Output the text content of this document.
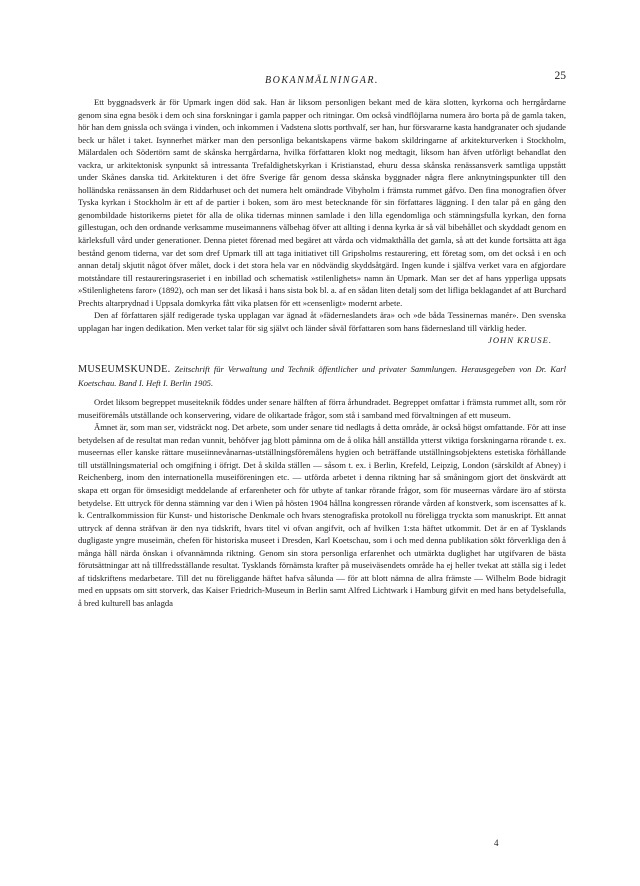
BOKANMÄLNINGAR.	25

Ett byggnadsverk är för Upmark ingen död sak. Han är liksom personligen bekant med de kära slotten, kyrkorna och herrgårdarne genom sina egna besök i dem och sina forskningar i gamla papper och ritningar. Om också vindflöjlarna numera äro borta på de gamla taken, hör han dem gnissla och svänga i vinden, och inkommen i Vadstena slotts porthvalf, ser han, hur försvararne kasta handgranater och sjudande beck ur hålet i taket. Isynnerhet märker man den personliga bekantskapens värme bakom skildringarne af arkitekturverken i Stockholm, Mälardalen och Södertörn samt de skånska herrgårdarna, hvilka författaren klokt nog medtagit, liksom han äfven utförligt behandlat den vackra, ur arkitektonisk synpunkt så intressanta Trefaldighetskyrkan i Kristianstad, ehuru dessa skånska renässansverk samtliga uppstått under Skånes danska tid. Arkitekturen i det öfre Sverige får genom dessa skånska byggnader några flere anknytningspunkter till den holländska renässansen än dem Riddarhuset och det numera helt omändrade Vibyholm i främsta rummet gåfvo. Den fina monografien öfver Tyska kyrkan i Stockholm är ett af de partier i boken, som äro mest betecknande för sin författares läggning. I den talar på en gång den genombildade historikerns pietet för alla de olika tidernas minnen samlade i den lilla egendomliga och stämningsfulla kyrkan, den forna gillestugan, och den ordnande verksamme museimannens välbehag öfver att allting i denna kyrka är så väl bibehållet och skyddadt genom en kärleksfull vård under generationer. Denna pietet förenad med begäret att vårda och vidmakthålla det gamla, så att det kunde fortsätta att äga bestånd genom tiderna, var det som dref Upmark till att taga initiativet till Gripsholms restaurering, ett företag som, om det också i en och annan detalj skjutit något öfver målet, dock i det stora hela var en nödvändig skyddsåtgärd. Ingen kunde i själfva verket vara en afgjordare motståndare till restaureringsraseriet i en inbillad och schematisk »stilenlighets» namn än Upmark. Man ser det af hans ypperliga uppsats »Stilenlighetens faror» (1892), och man ser det likaså i hans sista bok bl. a. af en sådan liten detalj som det lifliga beklagandet af att Burchard Prechts altarprydnad i Uppsala domkyrka fått vika platsen för ett »censenligt» modernt arbete.

Den af författaren själf redigerade tyska upplagan var ägnad åt »fäderneslandets ära» och »de båda Tessinernas manér». Den svenska upplagan har ingen dedikation. Men verket talar för sig självt och länder såväl författaren som hans fädernesland till värklig heder.

JOHN KRUSE.
MUSEUMSKUNDE. Zeitschrift für Verwaltung und Technik öffentlicher und privater Sammlungen. Herausgegeben von Dr. Karl Koetschau. Band I. Heft I. Berlin 1905.

Ordet liksom begreppet museiteknik föddes under senare hälften af förra århundradet. Begreppet omfattar i främsta rummet allt, som rör museiföremåls utställande och konservering, vidare de olikartade frågor, som stå i samband med förvaltningen af ett museum.

Ämnet är, som man ser, vidsträckt nog. Det arbete, som under senare tid nedlagts å detta område, är också högst omfattande. För att inse betydelsen af de resultat man redan vunnit, behöfver jag blott påminna om de å olika håll anställda ytterst viktiga forskningarna rörande t. ex. museernas eller kanske rättare museiinnevånarnas-utställningsföremålens hygien och beträffande utställningsobjektens estetiska förhållande till utställningsmaterial och omgifning i öfrigt. Det å skilda ställen — såsom t. ex. i Berlin, Krefeld, Leipzig, London (särskildt af Abney) i Reichenberg, inom den internationella museiföreningen etc. — utförda arbetet i denna riktning har så småningom gjort det önskvärdt att skapa ett organ för ömsesidigt meddelande af erfarenheter och för utbyte af tankar rörande frågor, som för museernas vårdare äro af största betydelse. Ett uttryck för denna stämning var den i Wien på hösten 1904 hållna kongressen rörande vården af konstverk, som iscensattes af k. k. Centralkommission für Kunst- und historische Denkmale och hvars stenografiska protokoll nu föreligga tryckta som manuskript. Ett annat uttryck af denna sträfvan är den nya tidskrift, hvars titel vi ofvan angifvit, och af hvilken 1:sta häftet utkommit. Det är en af Tysklands dugligaste yngre museimän, chefen för historiska museet i Dresden, Karl Koetschau, som i och med denna publikation sökt förverkliga den å många håll närda önskan i ofvannämnda riktning. Genom sin stora personliga erfarenhet och utmärkta duglighet har utgifvaren de bästa förutsättningar att nå tillfredsställande resultat. Tysklands förnämsta krafter på museiväsendets område ha ej heller tvekat att ställa sig i ledet af tidskriftens medarbetare. Till det nu föreliggande häftet hafva sålunda — för att blott nämna de allra främste — Wilhelm Bode bidragit med en uppsats om sitt storverk, das Kaiser Friedrich-Museum in Berlin samt Alfred Lichtwark i Hamburg gifvit en med hans betydelsefulla, å bred kulturell bas anlagda

4
